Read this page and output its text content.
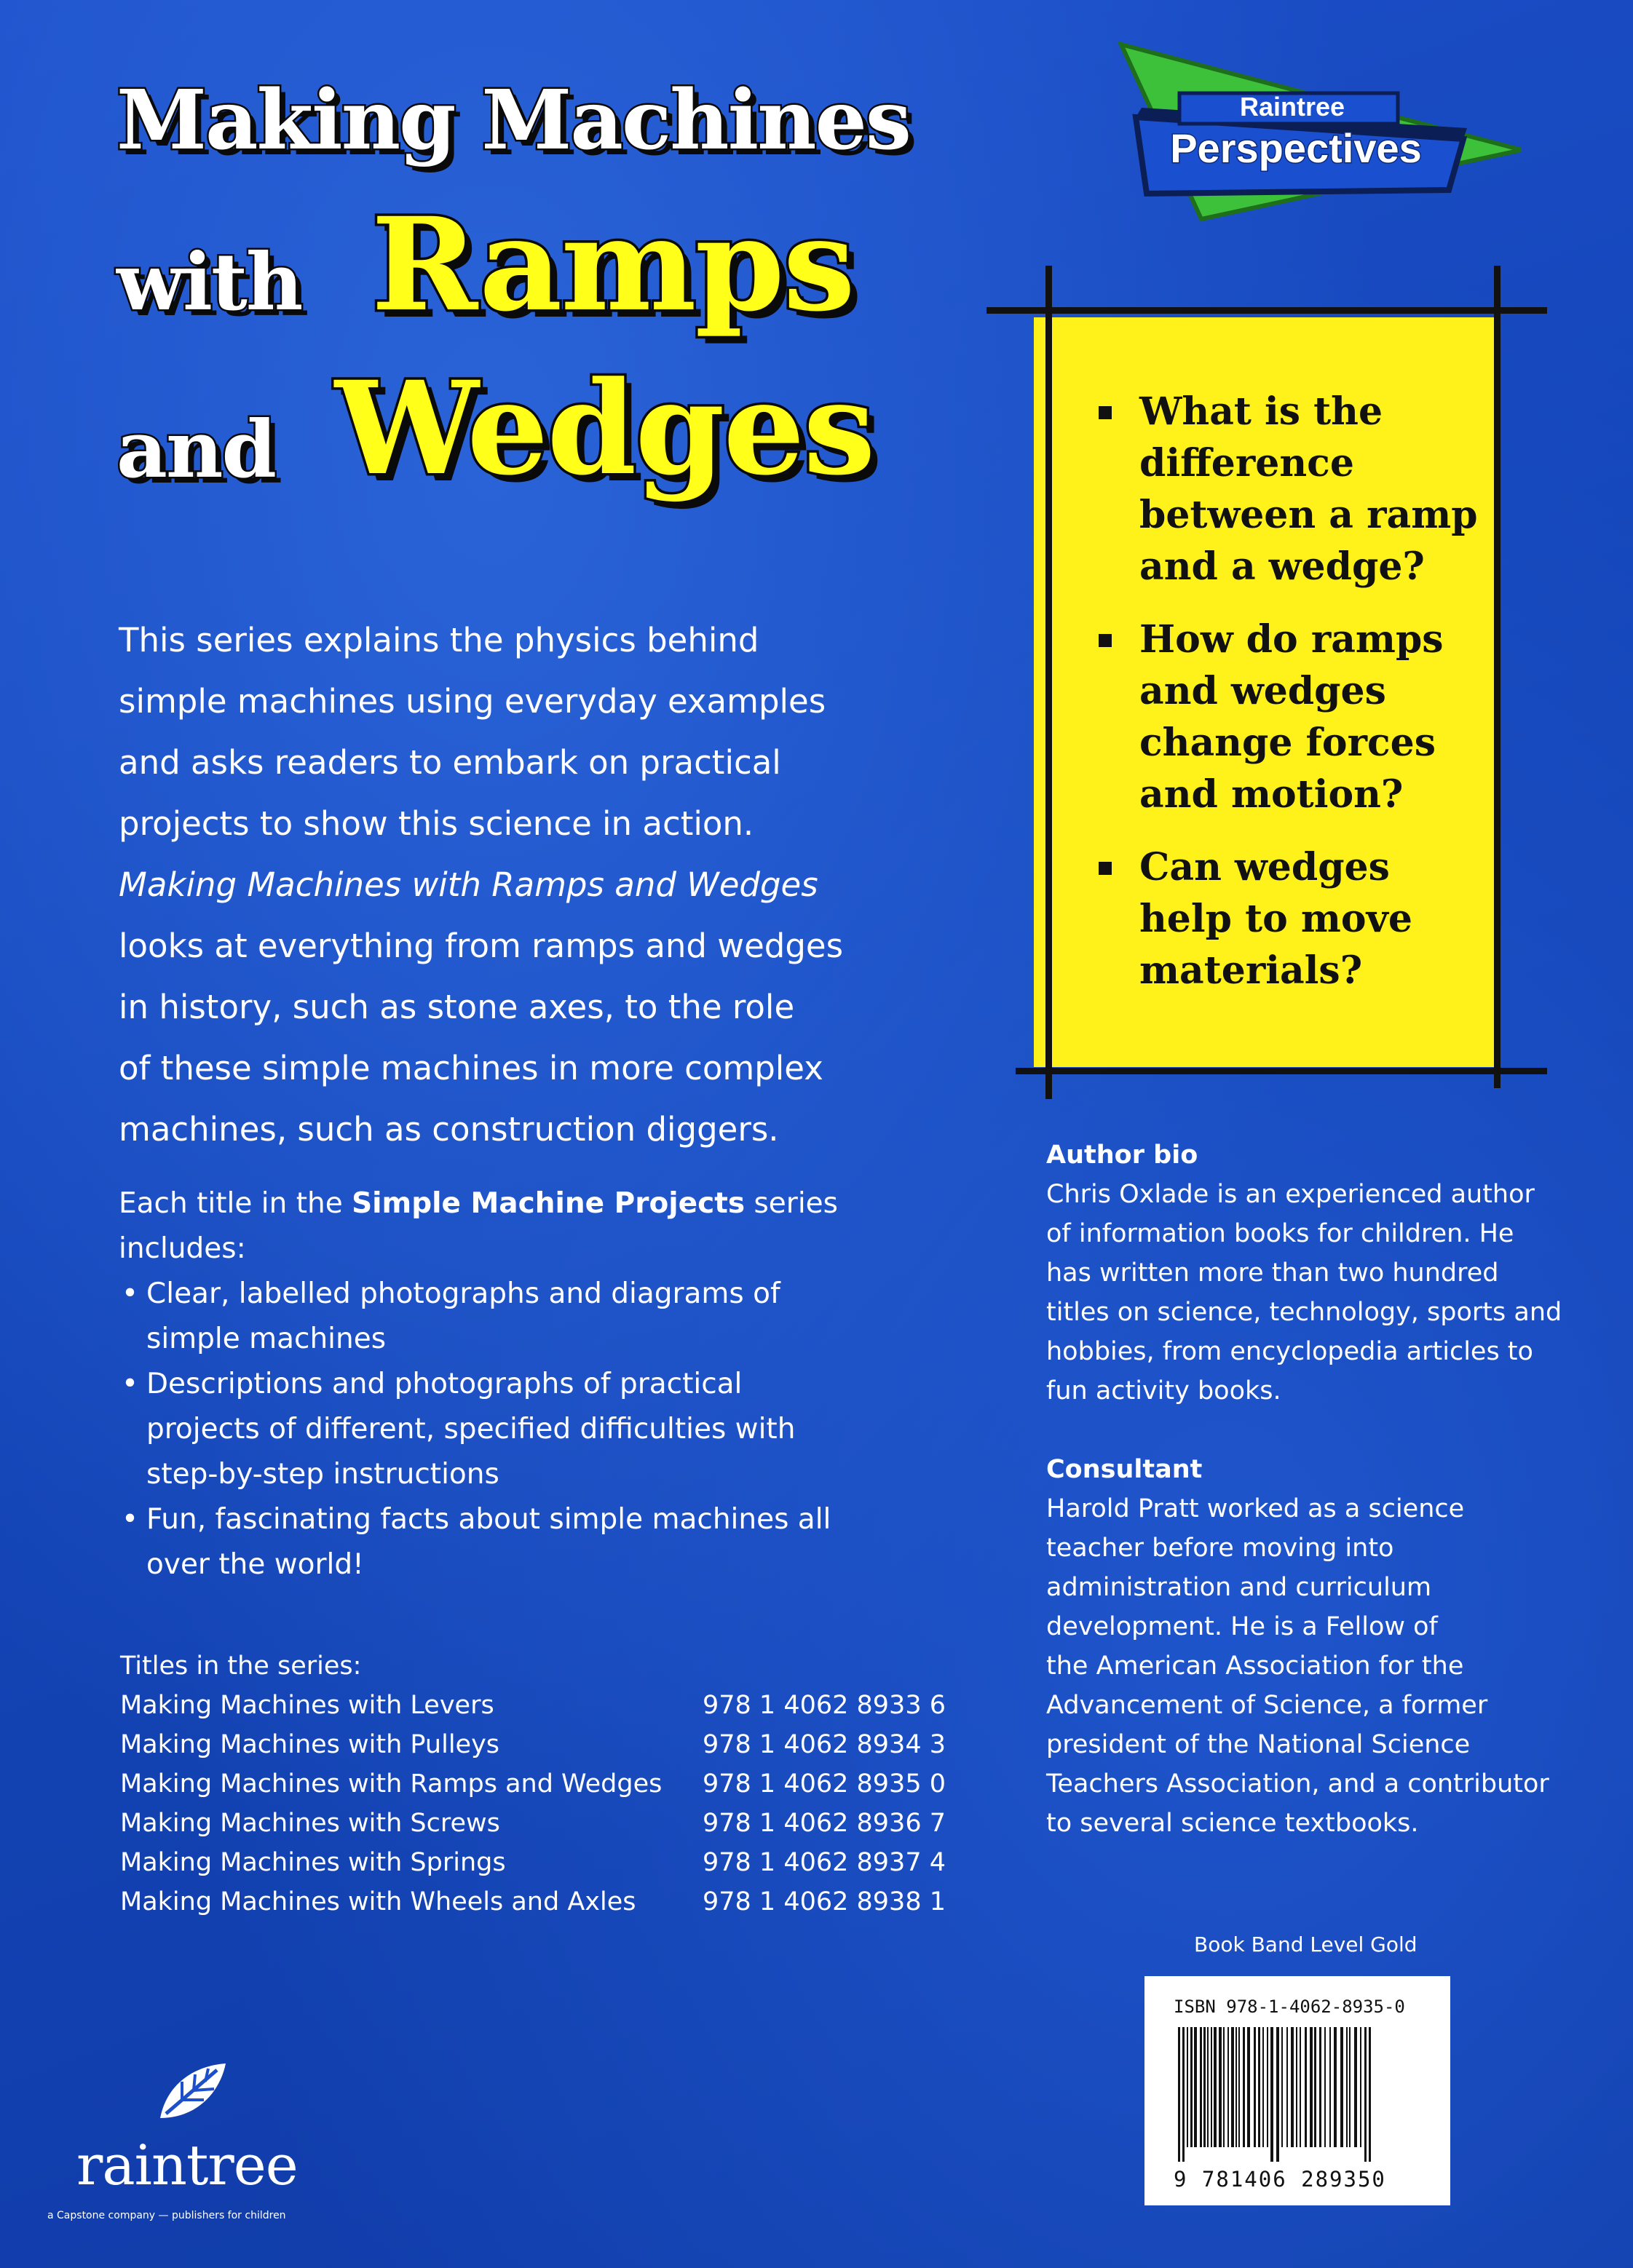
Making Machines
with Ramps
and Wedges
Raintree
Perspectives
What is the
difference
between a ramp
and a wedge?
How do ramps
and wedges
change forces
and motion?
Can wedges
help to move
materials?
This series explains the physics behind
simple machines using everyday examples
and asks readers to embark on practical
projects to show this science in action.
Making Machines with Ramps and Wedges
looks at everything from ramps and wedges
in history, such as stone axes, to the role
of these simple machines in more complex
machines, such as construction diggers.
Each title in the Simple Machine Projects series
includes:
• Clear, labelled photographs and diagrams of
simple machines
• Descriptions and photographs of practical
projects of different, specified difficulties with
step-by-step instructions
• Fun, fascinating facts about simple machines all
over the world!
Titles in the series:
Making Machines with Levers	978 1 4062 8933 6
Making Machines with Pulleys	978 1 4062 8934 3
Making Machines with Ramps and Wedges 978 1 4062 8935 0
Making Machines with Screws	978 1 4062 8936 7
Making Machines with Springs	978 1 4062 8937 4
Making Machines with Wheels and Axles	978 1 4062 8938 1
Author bio
Chris Oxlade is an experienced author
of information books for children. He
has written more than two hundred
titles on science, technology, sports and
hobbies, from encyclopedia articles to
fun activity books.

Consultant
Harold Pratt worked as a science
teacher before moving into
administration and curriculum
development. He is a Fellow of
the American Association for the
Advancement of Science, a former
president of the National Science
Teachers Association, and a contributor
to several science textbooks.
Book Band Level Gold
ISBN 978-1-4062-8935-0
9 781406 289350
raintree
a Capstone company — publishers for children
